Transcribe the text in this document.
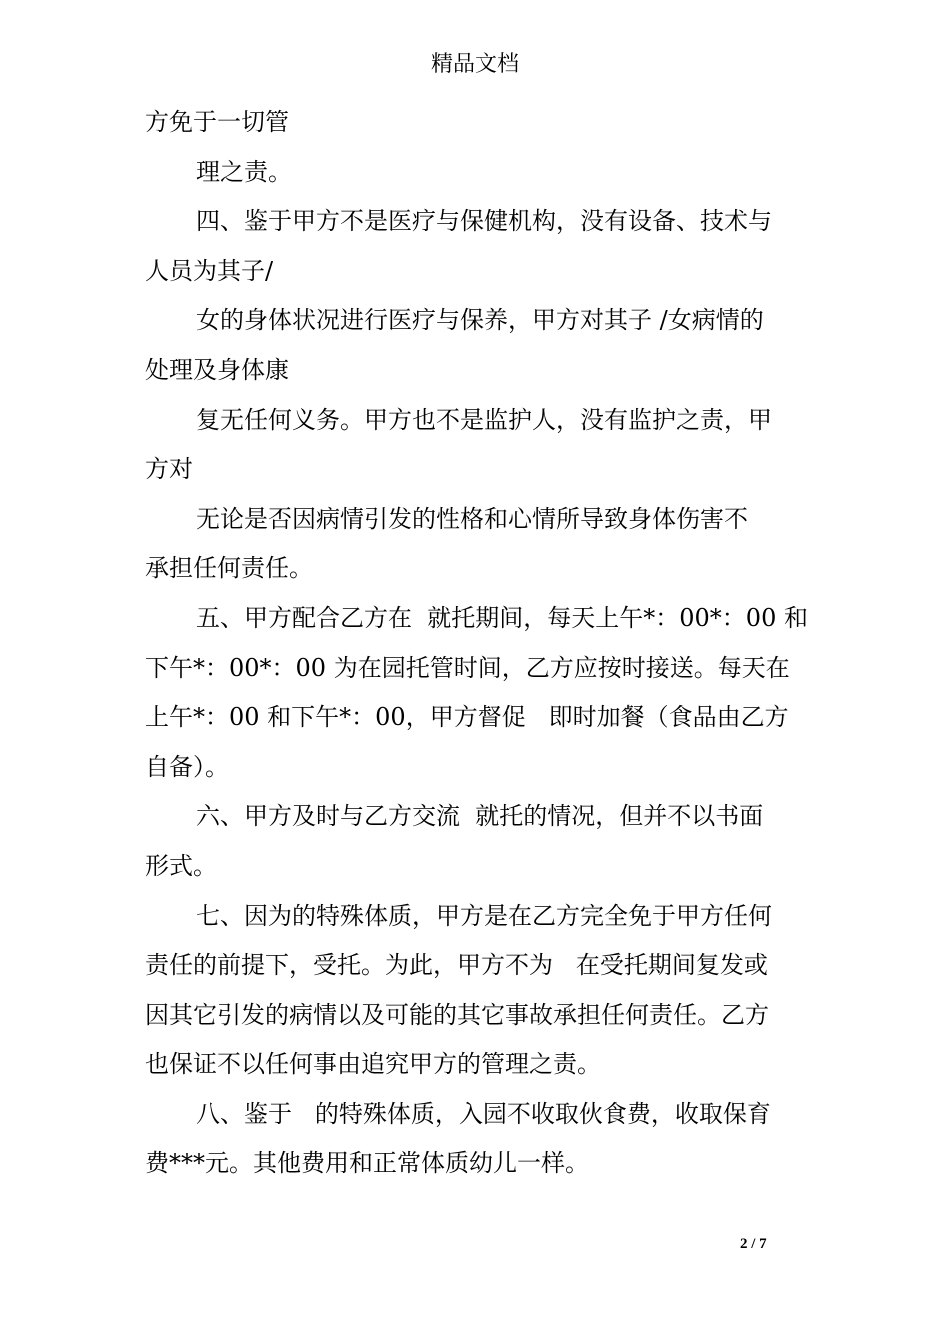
精品文档
方免于一切管
理之责。
四、鉴于甲方不是医疗与保健机构，没有设备、技术与
人员为其子/
女的身体状况进行医疗与保养，甲方对其子 /女病情的
处理及身体康
复无任何义务。甲方也不是监护人，没有监护之责，甲
方对
无论是否因病情引发的性格和心情所导致身体伤害不
承担任何责任。
五、甲方配合乙方在  就托期间，每天上午*：00*：00 和
下午*：00*：00 为在园托管时间，乙方应按时接送。每天在
上午*：00 和下午*：00，甲方督促   即时加餐（食品由乙方
自备）。
六、甲方及时与乙方交流  就托的情况，但并不以书面
形式。
七、因为的特殊体质，甲方是在乙方完全免于甲方任何
责任的前提下，受托。为此，甲方不为   在受托期间复发或
因其它引发的病情以及可能的其它事故承担任何责任。乙方
也保证不以任何事由追究甲方的管理之责。
八、鉴于   的特殊体质，入园不收取伙食费，收取保育
费***元。其他费用和正常体质幼儿一样。
2 / 7
